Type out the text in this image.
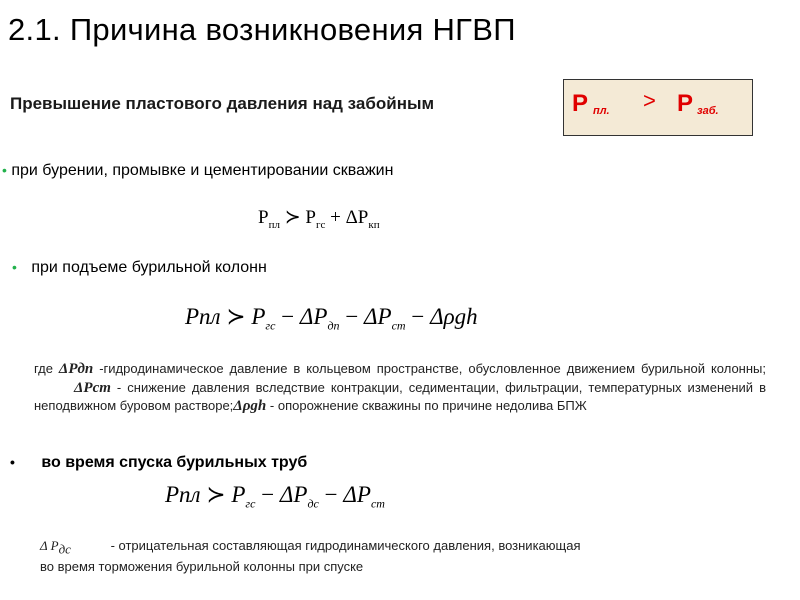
2.1. Причина возникновения НГВП
Превышение пластового давления над забойным	P пл. > P заб.
• при бурении, промывке и цементировании скважин
$P_{пл}$ ≻ $P_{гс} + \Delta P_{кп}$
• при подъеме бурильной колонн
Pпл ≻ $P_{гс} - \Delta P_{дп} - \Delta P_{ст} - \Delta\rho gh$
где ΔPдп -гидродинамическое давление в кольцевом пространстве, обусловленное движением бурильной колонны; ΔPст - снижение давления вследствие контракции, седиментации, фильтрации, температурных изменений в неподвижном буровом растворе;Δρgh - опорожнение скважины по причине недолива БПЖ
• во время спуска бурильных труб
Pпл ≻ $P_{гс} - \Delta P_{дс} - \Delta P_{ст}$
Δ $P_{дс}$	- отрицательная составляющая гидродинамического давления, возникающая
во время торможения бурильной колонны при спуске
